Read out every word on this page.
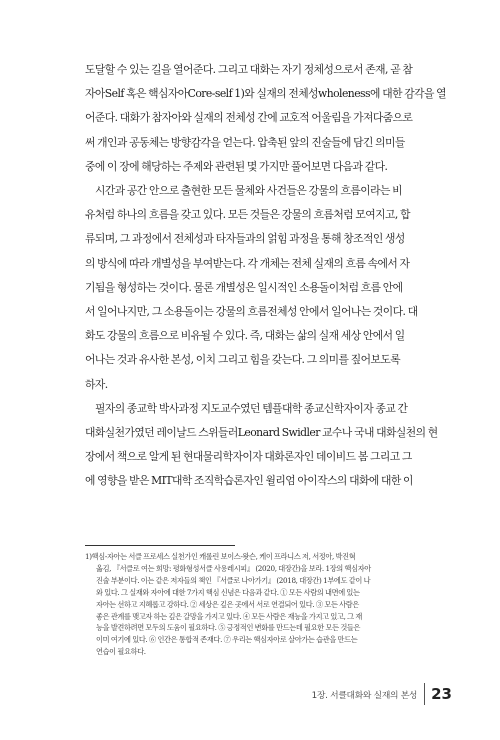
도달할 수 있는 길을 열어준다. 그리고 대화는 자기 정체성으로서 존재, 곧 참
자아Self 혹은 핵심자아Core-self 1)와 실재의 전체성wholeness에 대한 감각을 열
어준다. 대화가 참자아와 실재의 전체성 간에 교호적 어울림을 가져다줌으로
써 개인과 공동체는 방향감각을 얻는다. 압축된 앞의 진술들에 담긴 의미들
중에 이 장에 해당하는 주제와 관련된 몇 가지만 풀어보면 다음과 같다.
시간과 공간 안으로 출현한 모든 물체와 사건들은 강물의 흐름이라는 비
유처럼 하나의 흐름을 갖고 있다. 모든 것들은 강물의 흐름처럼 모여지고, 합
류되며, 그 과정에서 전체성과 타자들과의 얽힘 과정을 통해 창조적인 생성
의 방식에 따라 개별성을 부여받는다. 각 개체는 전체 실재의 흐름 속에서 자
기됨을 형성하는 것이다. 물론 개별성은 일시적인 소용돌이처럼 흐름 안에
서 일어나지만, 그 소용돌이는 강물의 흐름전체성 안에서 일어나는 것이다. 대
화도 강물의 흐름으로 비유될 수 있다. 즉, 대화는 삶의 실재 세상 안에서 일
어나는 것과 유사한 본성, 이치 그리고 힘을 갖는다. 그 의미를 짚어보도록
하자.
필자의 종교학 박사과정 지도교수였던 템플대학 종교신학자이자 종교 간
대화실천가였던 레이날드 스위들러Leonard Swidler 교수나 국내 대화실천의 현
장에서 책으로 알게 된 현대물리학자이자 대화론자인 데이비드 봄 그리고 그
에 영향을 받은 MIT대학 조직학습론자인 윌리엄 아이작스의 대화에 대한 이
1)핵심-자아는 서클 프로세스 실천가인 캐롤린 보이스-왓슨, 케이 프라니스 저, 서정아, 박진혁
옮김, 『서클로 여는 희망: 평화형성서클 사용레시피』 (2020, 대장간)을 보라. 1장의 핵심자아
진술 부분이다. 이는 같은 저자들의 책인 『서클로 나아가기』 (2018, 대장간) 1부에도 같이 나
와 있다. 그 실재와 자아에 대한 7가지 핵심 신념은 다음과 같다. ① 모든 사람의 내면에 있는
자아는 선하고 지혜롭고 강하다. ② 세상은 깊은 곳에서 서로 연결되어 있다. ③ 모든 사람은
좋은 관계를 맺고자 하는 깊은 갈망을 가지고 있다. ④ 모든 사람은 재능을 가지고 있고, 그 재
능을 발견하려면 모두의 도움이 필요하다. ⑤ 긍정적인 변화를 만드는데 필요한 모든 것들은
이미 여기에 있다. ⑥ 인간은 통합적 존재다. ⑦ 우리는 핵심자아로 살아가는 습관을 만드는
연습이 필요하다.
1장. 서클대화와 실재의 본성 23
